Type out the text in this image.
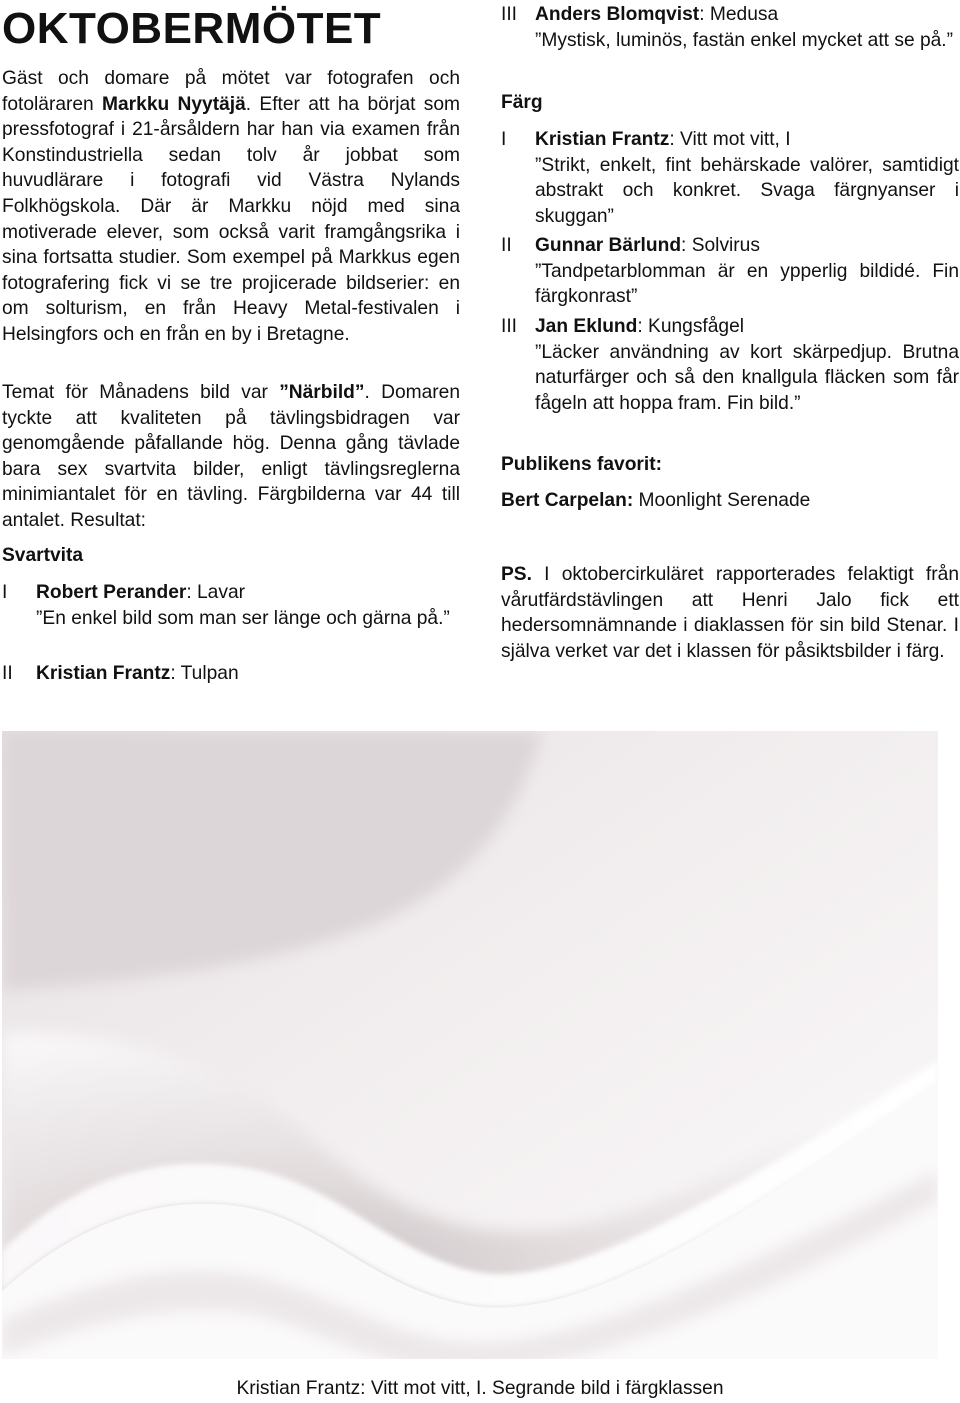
OKTOBERMÖTET

Gäst och domare på mötet var fotografen och fotoläraren Markku Nyytäjä. Efter att ha börjat som pressfotograf i 21-årsåldern har han via examen från Konstindustriella sedan tolv år jobbat som huvudlärare i fotografi vid Västra Nylands Folkhögskola. Där är Markku nöjd med sina motiverade elever, som också varit framgångsrika i sina fortsatta studier. Som exempel på Markkus egen fotografering fick vi se tre projicerade bildserier: en om solturism, en från Heavy Metal-festivalen i Helsingfors och en från en by i Bretagne.

Temat för Månadens bild var ”Närbild”. Domaren tyckte att kvaliteten på tävlingsbidragen var genomgående påfallande hög. Denna gång tävlade bara sex svartvita bilder, enligt tävlingsreglerna minimiantalet för en tävling. Färgbilderna var 44 till antalet. Resultat:

Svartvita
I	Robert Perander: Lavar
”En enkel bild som man ser länge och gärna på.”
II	Kristian Frantz: Tulpan
III Anders Blomqvist: Medusa
”Mystisk, luminös, fastän enkel mycket att se på.”
Färg
I	Kristian Frantz: Vitt mot vitt, I
”Strikt, enkelt, fint behärskade valörer, samtidigt abstrakt och konkret. Svaga färgnyanser i skuggan”
II	Gunnar Bärlund: Solvirus
”Tandpetarblomman är en ypperlig bildidé. Fin färgkonrast”
III Jan Eklund: Kungsfågel
”Läcker användning av kort skärpedjup. Brutna naturfärger och så den knallgula fläcken som får fågeln att hoppa fram. Fin bild.”
Publikens favorit:
Bert Carpelan: Moonlight Serenade

PS. I oktobercirkuläret rapporterades felaktigt från vårutfärdstävlingen att Henri Jalo fick ett hedersomnämnande i diaklassen för sin bild Stenar. I själva verket var det i klassen för påsiktsbilder i färg.

Kristian Frantz: Vitt mot vitt, I. Segrande bild i färgklassen
